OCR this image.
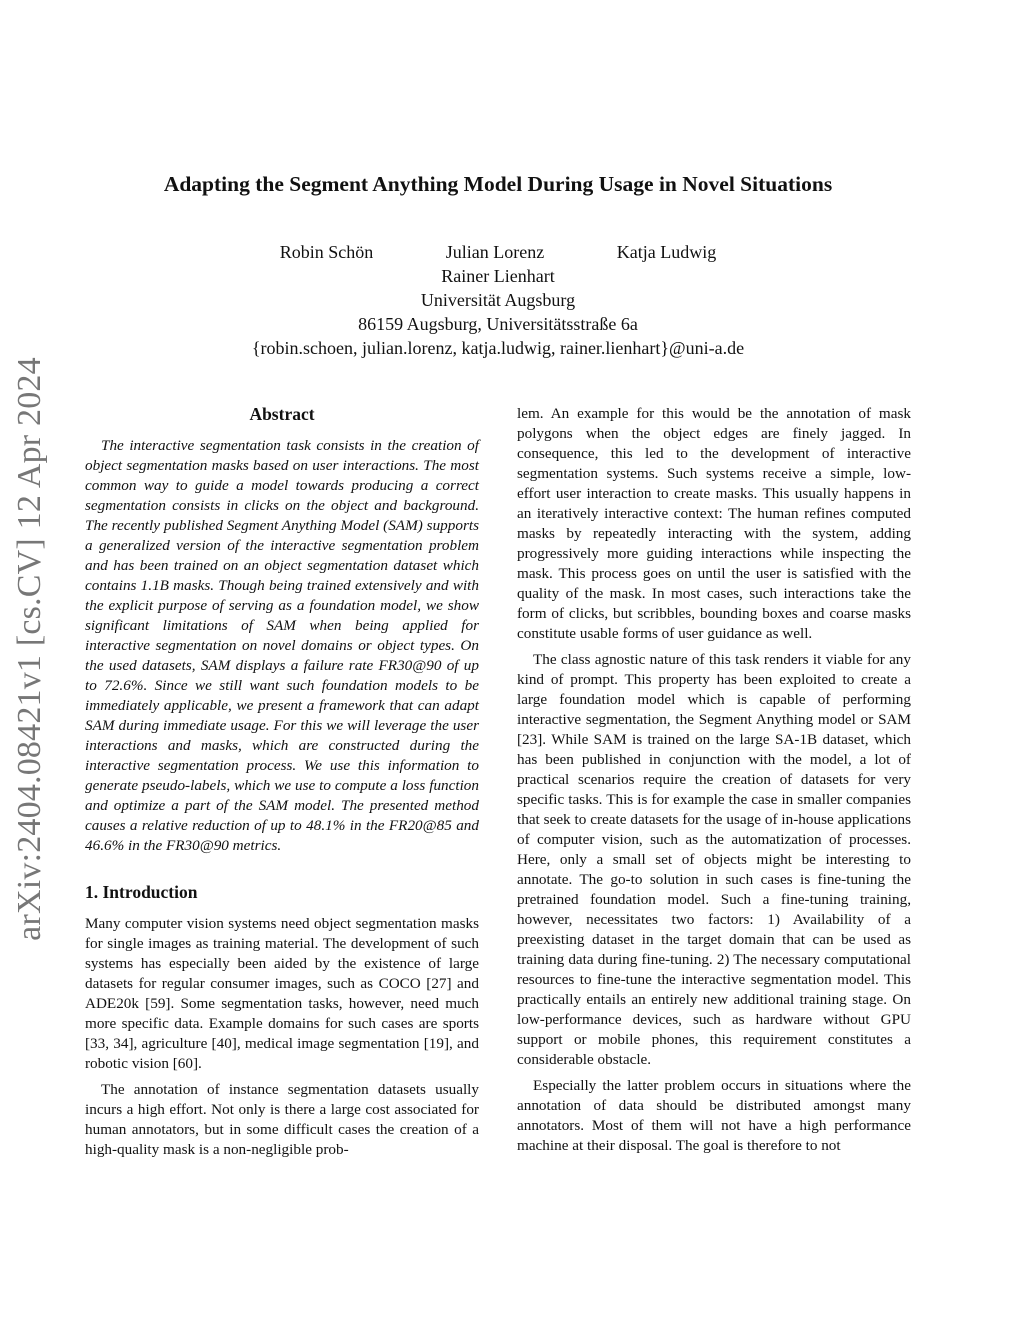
arXiv:2404.08421v1 [cs.CV] 12 Apr 2024
Adapting the Segment Anything Model During Usage in Novel Situations
Robin Schön	Julian Lorenz	Katja Ludwig
Rainer Lienhart
Universität Augsburg
86159 Augsburg, Universitätsstraße 6a
{robin.schoen, julian.lorenz, katja.ludwig, rainer.lienhart}@uni-a.de
Abstract

The interactive segmentation task consists in the creation of object segmentation masks based on user interactions. The most common way to guide a model towards producing a correct segmentation consists in clicks on the object and background. The recently published Segment Anything Model (SAM) supports a generalized version of the interactive segmentation problem and has been trained on an object segmentation dataset which contains 1.1B masks. Though being trained extensively and with the explicit purpose of serving as a foundation model, we show significant limitations of SAM when being applied for interactive segmentation on novel domains or object types. On the used datasets, SAM displays a failure rate FR30@90 of up to 72.6%. Since we still want such foundation models to be immediately applicable, we present a framework that can adapt SAM during immediate usage. For this we will leverage the user interactions and masks, which are constructed during the interactive segmentation process. We use this information to generate pseudo-labels, which we use to compute a loss function and optimize a part of the SAM model. The presented method causes a relative reduction of up to 48.1% in the FR20@85 and 46.6% in the FR30@90 metrics.

1. Introduction

Many computer vision systems need object segmentation masks for single images as training material. The development of such systems has especially been aided by the existence of large datasets for regular consumer images, such as COCO [27] and ADE20k [59]. Some segmentation tasks, however, need much more specific data. Example domains for such cases are sports [33, 34], agriculture [40], medical image segmentation [19], and robotic vision [60].

The annotation of instance segmentation datasets usually incurs a high effort. Not only is there a large cost associated for human annotators, but in some difficult cases the creation of a high-quality mask is a non-negligible prob-

lem. An example for this would be the annotation of mask polygons when the object edges are finely jagged. In consequence, this led to the development of interactive segmentation systems. Such systems receive a simple, low-effort user interaction to create masks. This usually happens in an iteratively interactive context: The human refines computed masks by repeatedly interacting with the system, adding progressively more guiding interactions while inspecting the mask. This process goes on until the user is satisfied with the quality of the mask. In most cases, such interactions take the form of clicks, but scribbles, bounding boxes and coarse masks constitute usable forms of user guidance as well.

The class agnostic nature of this task renders it viable for any kind of prompt. This property has been exploited to create a large foundation model which is capable of performing interactive segmentation, the Segment Anything model or SAM [23]. While SAM is trained on the large SA-1B dataset, which has been published in conjunction with the model, a lot of practical scenarios require the creation of datasets for very specific tasks. This is for example the case in smaller companies that seek to create datasets for the usage of in-house applications of computer vision, such as the automatization of processes. Here, only a small set of objects might be interesting to annotate. The go-to solution in such cases is fine-tuning the pretrained foundation model. Such a fine-tuning training, however, necessitates two factors: 1) Availability of a preexisting dataset in the target domain that can be used as training data during fine-tuning. 2) The necessary computational resources to fine-tune the interactive segmentation model. This practically entails an entirely new additional training stage. On low-performance devices, such as hardware without GPU support or mobile phones, this requirement constitutes a considerable obstacle.

Especially the latter problem occurs in situations where the annotation of data should be distributed amongst many annotators. Most of them will not have a high performance machine at their disposal. The goal is therefore to not
